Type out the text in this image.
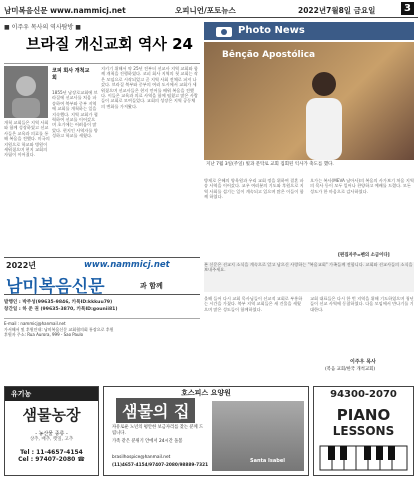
남미복음신문 www.nammicj.net	오피니언/포토뉴스	2022년7월8일 금요일	3
■ 이주우 목사의 역사탐방 ■
브라질 개신교회 역사 24
코피 회사 개척교회
1855년 남장로교회에 브라질에 선교사를 처음 파송하여 북부와 중부 지역에 교회를 개척하는 일을 지속했다. 지역 교회가 협력하여 선교를 이어갔으며 초기에는 어려움이 많았다. 현지인 사역자를 양성하고 학교를 세웠다.
개척 교회들은 지역 사회와 함께 성장하였고 선교사들은 교육과 의료를 통해 복음을 전했다. 미국의 지원으로 학교와 병원이 세워졌으며 현지 교회의 자립이 이어졌다.
지키기 위해서 약 25년 전부터 선교사 지역 교회와 함께 개척을 진행하였다. 코피 회사 지역의 첫 교회는 작은 모임으로 시작되었고 곧 지역 사회 전체로 퍼져 나갔다. 브라질 북부와 중부의 여러 도시에서 교회가 세워졌으며 선교사들은 현지 언어를 배워 복음을 전했다. 이들은 교육과 의료 사역을 함께 펼쳤고 많은 사람들이 교회로 모여들었다. 교회의 성장은 지역 공동체의 변화를 가져왔다.
2022년	www.nammicj.net
남미복음신문	과 함께
발행인 : 박주성(99635-9846, 카톡ID:kkkuu79)
창간일 : 하 준 권 (99635-3870, 카톡ID:gounii81)
E-mail : nammicj@hanmail.net
가서해서 및 후원안내: 남미복음신문 교회협의회 통장으로 후원
후원자 주소: Rua Aurora, 999 - Sao Paulo
Photo News
Bênção Apostólica
지난 7월 3일(주일) 빛과 문탁로 교회 집회된 익사가 축도를 했다.
방제로 은혜의 양육원과 우리 교회 정을 위하여 결혼 파송 사역을 이어갔다. 교우 여러분의 기도와 후원으로 지역 사회를 섬기는 일이 계속되고 있으며 많은 이들이 함께 하였다.
오가는 복사(MEVA 남아사)의 복음의 사가보기 처음 지역의 목사 등이 모두 일어나 찬양하고 예배를 드렸다. 모든 성도가 한 마음으로 감사하였다.
[편집자주=펜의 소금이다]
본 신문은 선교지 소식을 계속으로 알고 남으신 사랑하는 "복음교회" 가족들께 전합니다. 교회와 선교사들의 소식을 보내주세요.
올해 들어 다시 교회 목사님들이 선교적 교회로 부흥하는 시간을 가졌다. 북부 지역 교회들은 새 건물을 세웠으며 많은 성도들이 함께하였다.
교회 대표들은 다시 한 번 지역을 위해 기도하였으며 청년들이 선교 사역에 동참하였다. 다음 모임에서 만나기를 기대한다.
이주우 목사
(복음 교회/한국 개척교회)
유기농
샘물농장
- 농산물 종류 -
상추, 배추, 깻잎, 고추
Tel : 11-4657-4154
Cel : 97407-2080 ☎
호스피스 요양원
샘물의 집
자유로운 노년의 평안한 보금자리를 찾는 분께 드립니다.
가족 같은 분위기 안에서 24시간 돌봄
brasilhospice@hanmail.net
(11)4657-4154/97407-2080/98889-7321
Santa Isabel
94300-2070
PIANO
LESSONS
